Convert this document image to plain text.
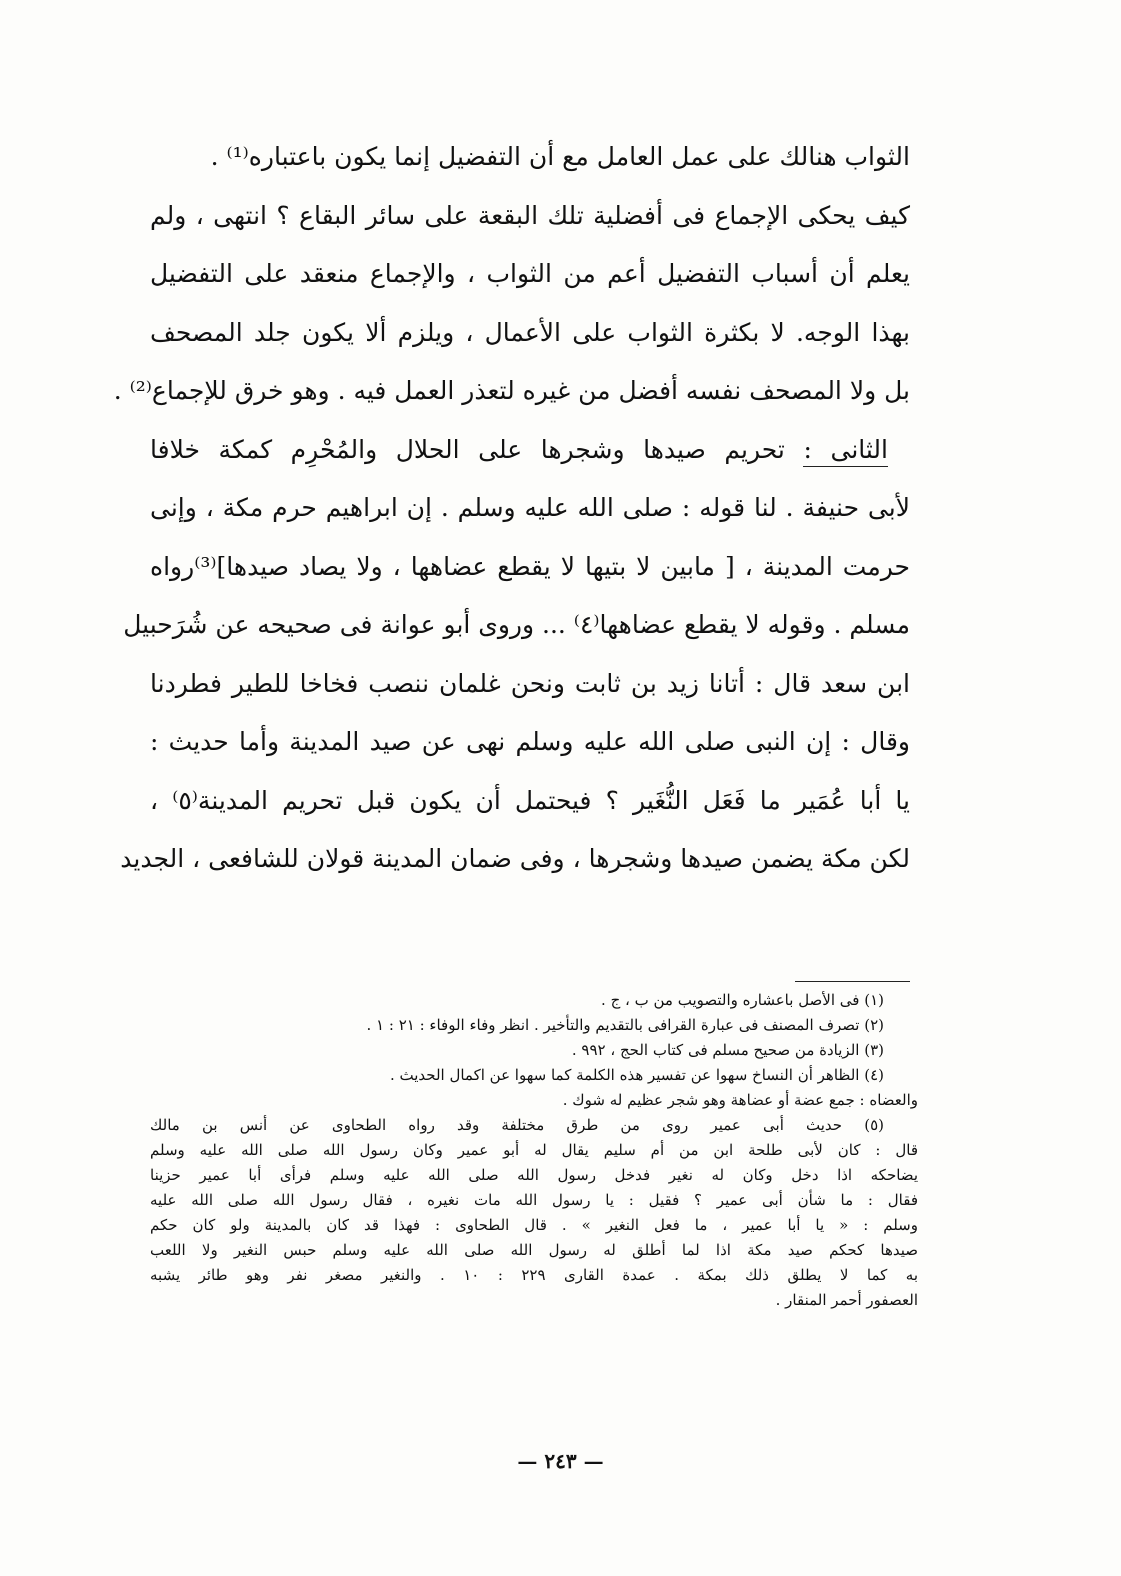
الثواب هنالك على عمل العامل مع أن التفضيل إنما يكون باعتباره⁽¹⁾ .
كيف يحكى الإجماع فى أفضلية تلك البقعة على سائر البقاع ؟ انتهى ، ولم
يعلم أن أسباب التفضيل أعم من الثواب ، والإجماع منعقد على التفضيل
بهذا الوجه. لا بكثرة الثواب على الأعمال ، ويلزم ألا يكون جلد المصحف
بل ولا المصحف نفسه أفضل من غيره لتعذر العمل فيه . وهو خرق للإجماع⁽²⁾ .
الثانى : تحريم صيدها وشجرها على الحلال والمُحْرِم كمكة خلافا
لأبى حنيفة . لنا قوله : صلى الله عليه وسلم . إن ابراهيم حرم مكة ، وإنى
حرمت المدينة ، [ مابين لا بتيها لا يقطع عضاهها ، ولا يصاد صيدها]⁽³⁾رواه
مسلم . وقوله لا يقطع عضاهها⁽٤⁾ ... وروى أبو عوانة فى صحيحه عن شُرَحبيل
ابن سعد قال : أتانا زيد بن ثابت ونحن غلمان ننصب فخاخا للطير فطردنا
وقال : إن النبى صلى الله عليه وسلم نهى عن صيد المدينة وأما حديث :
يا أبا عُمَير ما فَعَل النُّغَير ؟ فيحتمل أن يكون قبل تحريم المدينة⁽٥⁾ ،
لكن مكة يضمن صيدها وشجرها ، وفى ضمان المدينة قولان للشافعى ، الجديد
(١) فى الأصل باعشاره والتصويب من ب ، ج .
(٢) تصرف المصنف فى عبارة القرافى بالتقديم والتأخير . انظر وفاء الوفاء : ٢١ : ١ .
(٣) الزيادة من صحيح مسلم فى كتاب الحج ، ٩٩٢ .
(٤) الظاهر أن النساخ سهوا عن تفسير هذه الكلمة كما سهوا عن اكمال الحديث .
والعضاه : جمع عضة أو عضاهة وهو شجر عظيم له شوك .
(٥) حديث أبى عمير روى من طرق مختلفة وقد رواه الطحاوى عن أنس بن مالك
قال : كان لأبى طلحة ابن من أم سليم يقال له أبو عمير وكان رسول الله صلى الله عليه وسلم
يضاحكه اذا دخل وكان له نغير فدخل رسول الله صلى الله عليه وسلم فرأى أبا عمير حزينا
فقال : ما شأن أبى عمير ؟ فقيل : يا رسول الله مات نغيره ، فقال رسول الله صلى الله عليه
وسلم : « يا أبا عمير ، ما فعل النغير » . قال الطحاوى : فهذا قد كان بالمدينة ولو كان حكم
صيدها كحكم صيد مكة اذا لما أطلق له رسول الله صلى الله عليه وسلم حبس النغير ولا اللعب
به كما لا يطلق ذلك بمكة . عمدة القارى ٢٢٩ : ١٠ . والنغير مصغر نفر وهو طائر يشبه
العصفور أحمر المنقار .
— ٢٤٣ —
